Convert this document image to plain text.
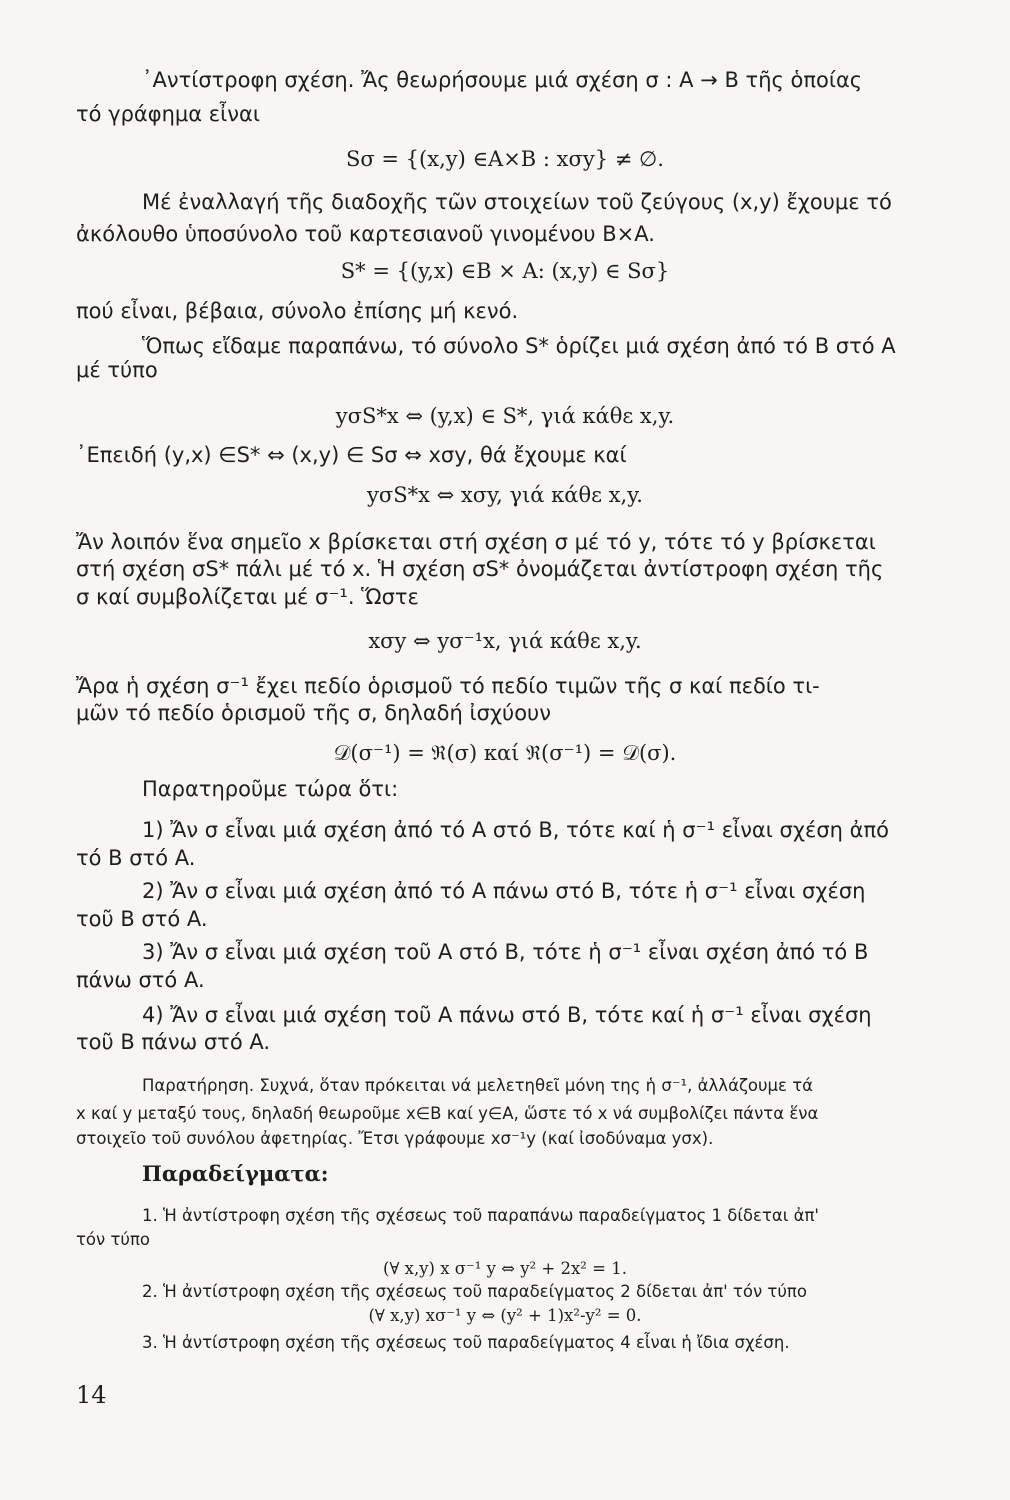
᾿Αντίστροφη σχέση. Ἄς θεωρήσουμε μιά σχέση σ : A → B τῆς ὁποίας
τό γράφημα εἶναι
Sσ = {(x,y) ∈A×B : xσy} ≠ ∅.
Μέ ἐναλλαγή τῆς διαδοχῆς τῶν στοιχείων τοῦ ζεύγους (x,y) ἔχουμε τό
ἀκόλουθο ὑποσύνολο τοῦ καρτεσιανοῦ γινομένου B×A.
S* = {(y,x) ∈B × A: (x,y) ∈ Sσ}
πού εἶναι, βέβαια, σύνολο ἐπίσης μή κενό.
Ὅπως εἴδαμε παραπάνω, τό σύνολο S* ὁρίζει μιά σχέση ἀπό τό B στό A
μέ τύπο
yσS*x ⇔ (y,x) ∈ S*, γιά κάθε x,y.
᾿Επειδή (y,x) ∈S* ⇔ (x,y) ∈ Sσ ⇔ xσy, θά ἔχουμε καί
yσS*x ⇔ xσy, γιά κάθε x,y.
Ἄν λοιπόν ἕνα σημεῖο x βρίσκεται στή σχέση σ μέ τό y, τότε τό y βρίσκεται
στή σχέση σS* πάλι μέ τό x. Ἡ σχέση σS* ὀνομάζεται ἀντίστροφη σχέση τῆς
σ καί συμβολίζεται μέ σ⁻¹. Ὥστε
xσy ⇔ yσ⁻¹x, γιά κάθε x,y.
Ἄρα ἡ σχέση σ⁻¹ ἔχει πεδίο ὁρισμοῦ τό πεδίο τιμῶν τῆς σ καί πεδίο τι-
μῶν τό πεδίο ὁρισμοῦ τῆς σ, δηλαδή ἰσχύουν
𝒟(σ⁻¹) = ℜ(σ) καί ℜ(σ⁻¹) = 𝒟(σ).
Παρατηροῦμε τώρα ὅτι:
1) Ἄν σ εἶναι μιά σχέση ἀπό τό A στό B, τότε καί ἡ σ⁻¹ εἶναι σχέση ἀπό
τό B στό A.
2) Ἄν σ εἶναι μιά σχέση ἀπό τό A πάνω στό B, τότε ἡ σ⁻¹ εἶναι σχέση
τοῦ B στό A.
3) Ἄν σ εἶναι μιά σχέση τοῦ A στό B, τότε ἡ σ⁻¹ εἶναι σχέση ἀπό τό B
πάνω στό A.
4) Ἄν σ εἶναι μιά σχέση τοῦ A πάνω στό B, τότε καί ἡ σ⁻¹ εἶναι σχέση
τοῦ B πάνω στό A.
Παρατήρηση. Συχνά, ὅταν πρόκειται νά μελετηθεῖ μόνη της ἡ σ⁻¹, ἀλλάζουμε τά
x καί y μεταξύ τους, δηλαδή θεωροῦμε x∈B καί y∈A, ὥστε τό x νά συμβολίζει πάντα ἕνα
στοιχεῖο τοῦ συνόλου ἀφετηρίας. Ἔτσι γράφουμε xσ⁻¹y (καί ἰσοδύναμα yσx).
Παραδείγματα:
1. Ἡ ἀντίστροφη σχέση τῆς σχέσεως τοῦ παραπάνω παραδείγματος 1 δίδεται ἀπ'
τόν τύπο
(∀ x,y) x σ⁻¹ y ⇔ y² + 2x² = 1.
2. Ἡ ἀντίστροφη σχέση τῆς σχέσεως τοῦ παραδείγματος 2 δίδεται ἀπ' τόν τύπο
(∀ x,y) xσ⁻¹ y ⇔ (y² + 1)x²-y² = 0.
3. Ἡ ἀντίστροφη σχέση τῆς σχέσεως τοῦ παραδείγματος 4 εἶναι ἡ ἴδια σχέση.
14
